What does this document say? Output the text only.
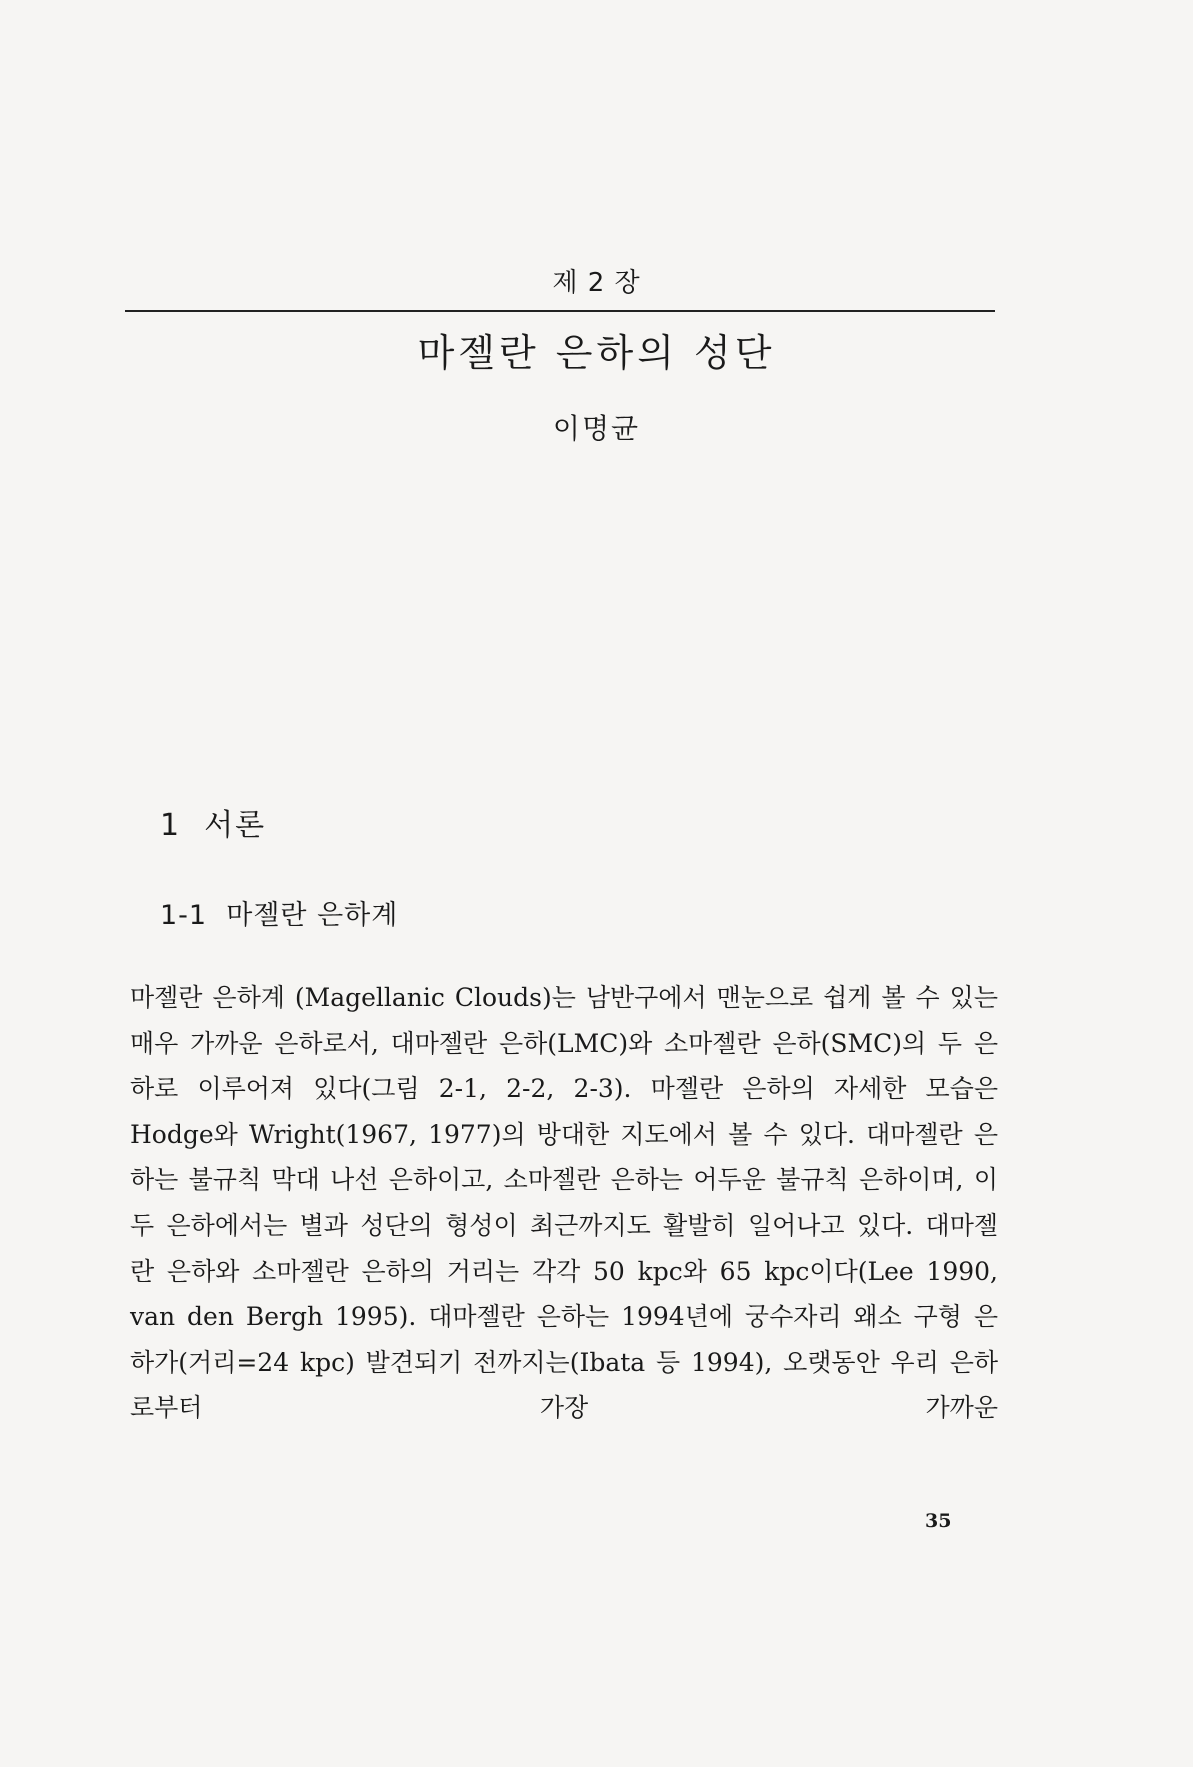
제 2 장
마젤란 은하의 성단
이명균
1  서론
1-1  마젤란 은하계

마젤란 은하계 (Magellanic Clouds)는 남반구에서 맨눈으로 쉽게 볼 수 있는 매우 가까운 은하로서, 대마젤란 은하(LMC)와 소마젤란 은하(SMC)의 두 은하로 이루어져 있다(그림 2-1, 2-2, 2-3). 마젤란 은하의 자세한 모습은 Hodge와 Wright(1967, 1977)의 방대한 지도에서 볼 수 있다. 대마젤란 은하는 불규칙 막대 나선 은하이고, 소마젤란 은하는 어두운 불규칙 은하이며, 이 두 은하에서는 별과 성단의 형성이 최근까지도 활발히 일어나고 있다. 대마젤란 은하와 소마젤란 은하의 거리는 각각 50 kpc와 65 kpc이다(Lee 1990, van den Bergh 1995). 대마젤란 은하는 1994년에 궁수자리 왜소 구형 은하가(거리=24 kpc) 발견되기 전까지는(Ibata 등 1994), 오랫동안 우리 은하로부터 가장 가까운

35
